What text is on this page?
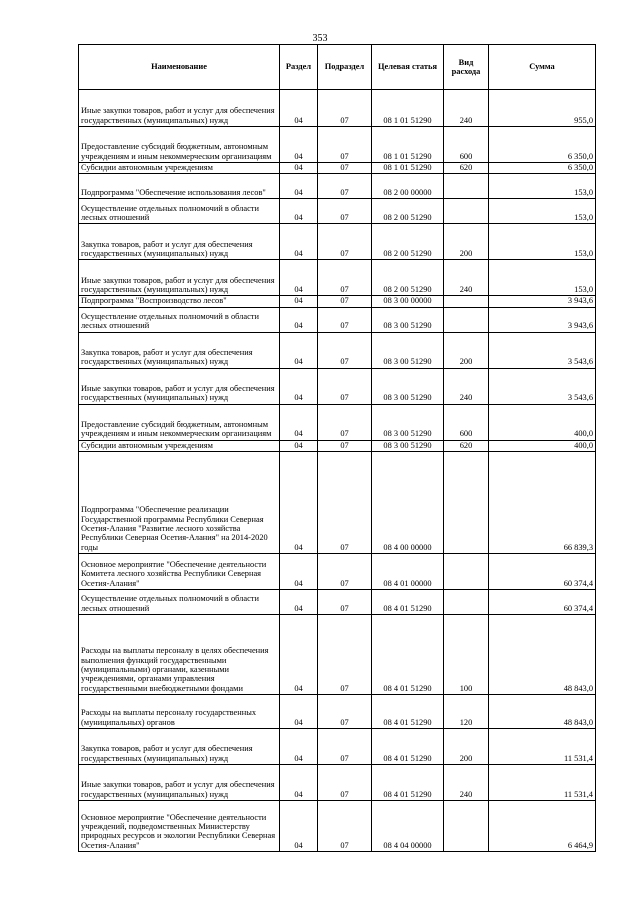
353
Наименование	Раздел	Подраздел	Целевая статья	Вид расхода	Сумма
Иные закупки товаров, работ и услуг для обеспечения государственных (муниципальных) нужд	04	07	08 1 01 51290	240	955,0
Предоставление субсидий бюджетным, автономным учреждениям и иным некоммерческим организациям	04	07	08 1 01 51290	600	6 350,0
Субсидии автономным учреждениям	04	07	08 1 01 51290	620	6 350,0
Подпрограмма "Обеспечение использования лесов"	04	07	08 2 00 00000		153,0
Осуществление отдельных полномочий в области лесных отношений	04	07	08 2 00 51290		153,0
Закупка товаров, работ и услуг для обеспечения государственных (муниципальных) нужд	04	07	08 2 00 51290	200	153,0
Иные закупки товаров, работ и услуг для обеспечения государственных (муниципальных) нужд	04	07	08 2 00 51290	240	153,0
Подпрограмма "Воспроизводство лесов"	04	07	08 3 00 00000		3 943,6
Осуществление отдельных полномочий в области лесных отношений	04	07	08 3 00 51290		3 943,6
Закупка товаров, работ и услуг для обеспечения государственных (муниципальных) нужд	04	07	08 3 00 51290	200	3 543,6
Иные закупки товаров, работ и услуг для обеспечения государственных (муниципальных) нужд	04	07	08 3 00 51290	240	3 543,6
Предоставление субсидий бюджетным, автономным учреждениям и иным некоммерческим организациям	04	07	08 3 00 51290	600	400,0
Субсидии автономным учреждениям	04	07	08 3 00 51290	620	400,0
Подпрограмма "Обеспечение реализации Государственной программы Республики Северная Осетия-Алания "Развитие лесного хозяйства Республики Северная Осетия-Алания" на 2014-2020 годы	04	07	08 4 00 00000		66 839,3
Основное мероприятие "Обеспечение деятельности Комитета лесного хозяйства Республики Северная Осетия-Алания"	04	07	08 4 01 00000		60 374,4
Осуществление отдельных полномочий в области лесных отношений	04	07	08 4 01 51290		60 374,4
Расходы на выплаты персоналу в целях обеспечения выполнения функций государственными (муниципальными) органами, казенными учреждениями, органами управления государственными внебюджетными фондами	04	07	08 4 01 51290	100	48 843,0
Расходы на выплаты персоналу государственных (муниципальных) органов	04	07	08 4 01 51290	120	48 843,0
Закупка товаров, работ и услуг для обеспечения государственных (муниципальных) нужд	04	07	08 4 01 51290	200	11 531,4
Иные закупки товаров, работ и услуг для обеспечения государственных (муниципальных) нужд	04	07	08 4 01 51290	240	11 531,4
Основное мероприятие "Обеспечение деятельности учреждений, подведомственных Министерству природных ресурсов и экологии Республики Северная Осетия-Алания"	04	07	08 4 04 00000		6 464,9
